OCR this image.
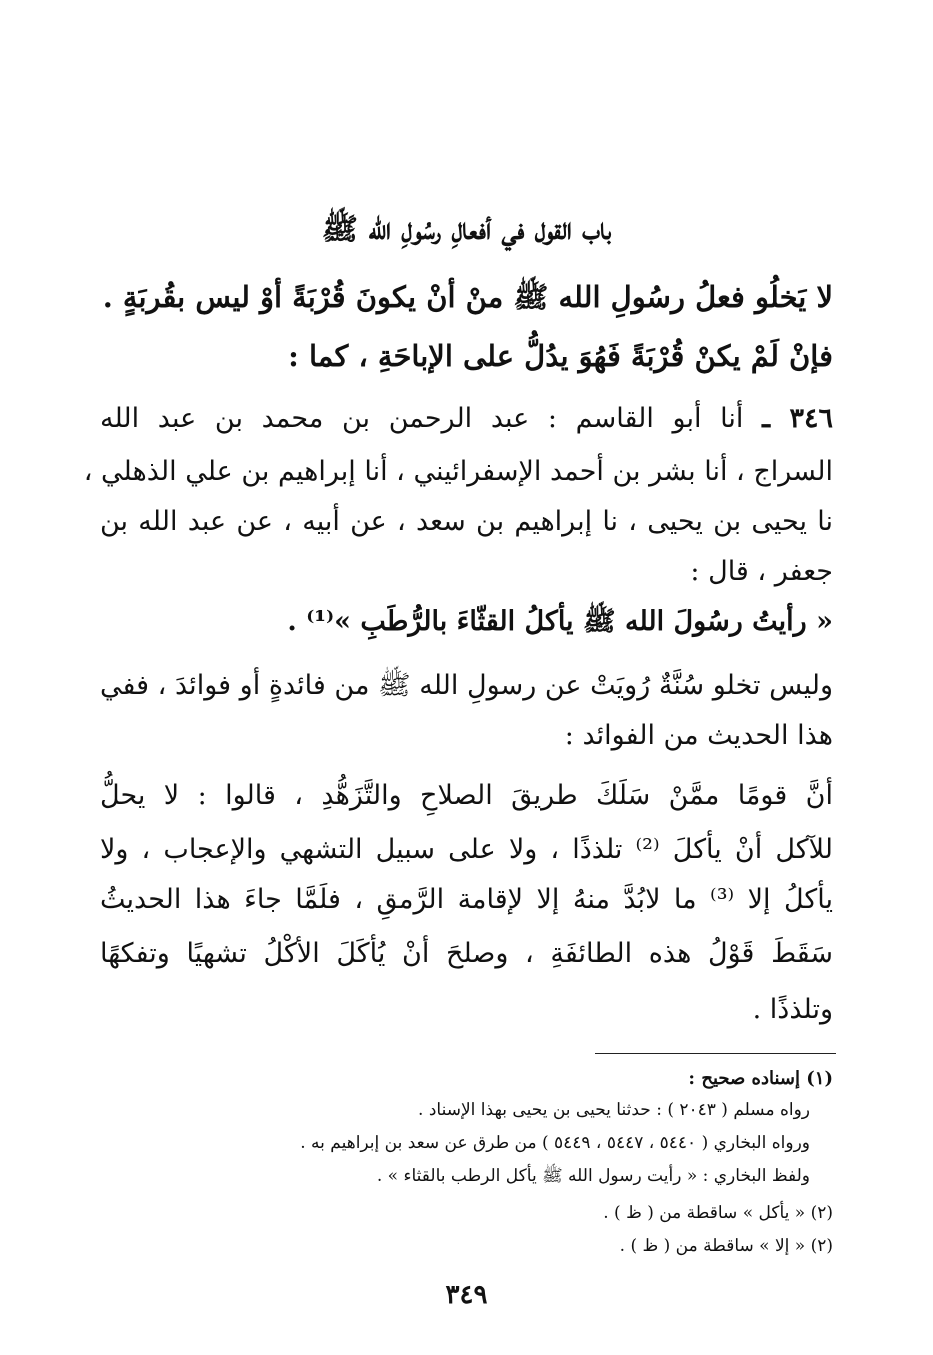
باب القول في أفعالِ رسُولِ الله ﷺ

لا يَخلُو فعلُ رسُولِ الله ﷺ منْ أنْ يكونَ قُرْبَةً أوْ ليس بقُربَةٍ .

فإنْ لَمْ يكنْ قُرْبَةً فَهُوَ يدُلُّ على الإباحَةِ ، كما :

٣٤٦ ـ أنا أبو القاسم : عبد الرحمن بن محمد بن عبد الله

السراج ، أنا بشر بن أحمد الإسفرائيني ، أنا إبراهيم بن علي الذهلي ،

نا يحيى بن يحيى ، نا إبراهيم بن سعد ، عن أبيه ، عن عبد الله بن

جعفر ، قال :

« رأيتُ رسُولَ الله ﷺ يأكلُ القثّاءَ بالرُّطَبِ »⁽¹⁾ .

وليس تخلو سُنَّةٌ رُويَتْ عن رسولِ الله ﷺ من فائدةٍ أو فوائدَ ، ففي

هذا الحديث من الفوائد :

أنَّ قومًا ممَّنْ سَلَكَ طريقَ الصلاحِ والتَّزَهُّدِ ، قالوا : لا يحلُّ

للآكل أنْ يأكلَ ⁽²⁾ تلذذًا ، ولا على سبيل التشهي والإعجاب ، ولا

يأكلُ إلا ⁽³⁾ ما لابُدَّ منهُ إلا لإقامة الرَّمقِ ، فلَمَّا جاءَ هذا الحديثُ

سَقَطَ قَوْلُ هذه الطائفَةِ ، وصلحَ أنْ يُأكَلَ الأكْلُ تشهيًا وتفكهًا

وتلذذًا .

(١) إسناده صحيح :

رواه مسلم ( ٢٠٤٣ ) : حدثنا يحيى بن يحيى بهذا الإسناد .

ورواه البخاري ( ٥٤٤٠ ، ٥٤٤٧ ، ٥٤٤٩ ) من طرق عن سعد بن إبراهيم به .

ولفظ البخاري : « رأيت رسول الله ﷺ يأكل الرطب بالقثاء » .

(٢) « يأكل » ساقطة من ( ظ ) .

(٢) « إلا » ساقطة من ( ظ ) .

٣٤٩
